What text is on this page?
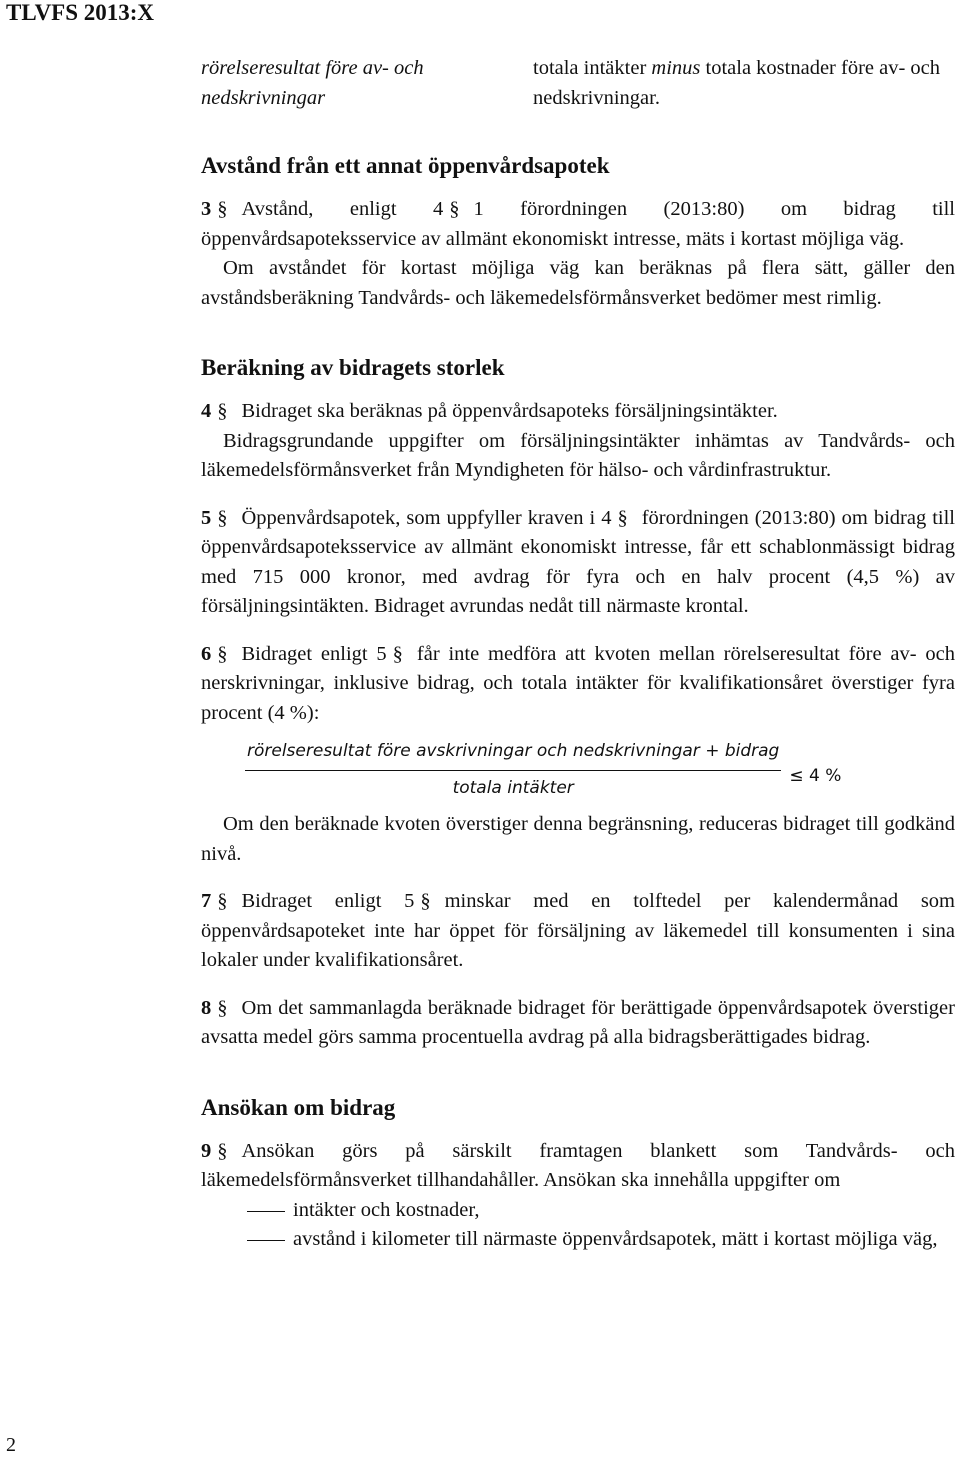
TLVFS 2013:X
rörelseresultat före av- och nedskrivningar
totala intäkter minus totala kostnader före av- och nedskrivningar.
Avstånd från ett annat öppenvårdsapotek

3 § Avstånd, enligt 4 § 1 förordningen (2013:80) om bidrag till öppenvårdsapoteksservice av allmänt ekonomiskt intresse, mäts i kortast möjliga väg.

Om avståndet för kortast möjliga väg kan beräknas på flera sätt, gäller den avståndsberäkning Tandvårds- och läkemedelsförmånsverket bedömer mest rimlig.

Beräkning av bidragets storlek

4 § Bidraget ska beräknas på öppenvårdsapoteks försäljningsintäkter.

Bidragsgrundande uppgifter om försäljningsintäkter inhämtas av Tandvårds- och läkemedelsförmånsverket från Myndigheten för hälso- och vårdinfrastruktur.

5 § Öppenvårdsapotek, som uppfyller kraven i 4 § förordningen (2013:80) om bidrag till öppenvårdsapoteksservice av allmänt ekonomiskt intresse, får ett schablonmässigt bidrag med 715 000 kronor, med avdrag för fyra och en halv procent (4,5 %) av försäljningsintäkten. Bidraget avrundas nedåt till närmaste krontal.

6 § Bidraget enligt 5 § får inte medföra att kvoten mellan rörelseresultat före av- och nerskrivningar, inklusive bidrag, och totala intäkter för kvalifikationsåret överstiger fyra procent (4 %):

rörelseresultat före avskrivningar och nedskrivningar + bidrag
totala intäkter
≤ 4 %

Om den beräknade kvoten överstiger denna begränsning, reduceras bidraget till godkänd nivå.

7 § Bidraget enligt 5 § minskar med en tolftedel per kalendermånad som öppenvårdsapoteket inte har öppet för försäljning av läkemedel till konsumenten i sina lokaler under kvalifikationsåret.

8 § Om det sammanlagda beräknade bidraget för berättigade öppenvårdsapotek överstiger avsatta medel görs samma procentuella avdrag på alla bidragsberättigades bidrag.

Ansökan om bidrag

9 § Ansökan görs på särskilt framtagen blankett som Tandvårds- och läkemedelsförmånsverket tillhandahåller. Ansökan ska innehålla uppgifter om

intäkter och kostnader,
avstånd i kilometer till närmaste öppenvårdsapotek, mätt i kortast möjliga väg,
2
